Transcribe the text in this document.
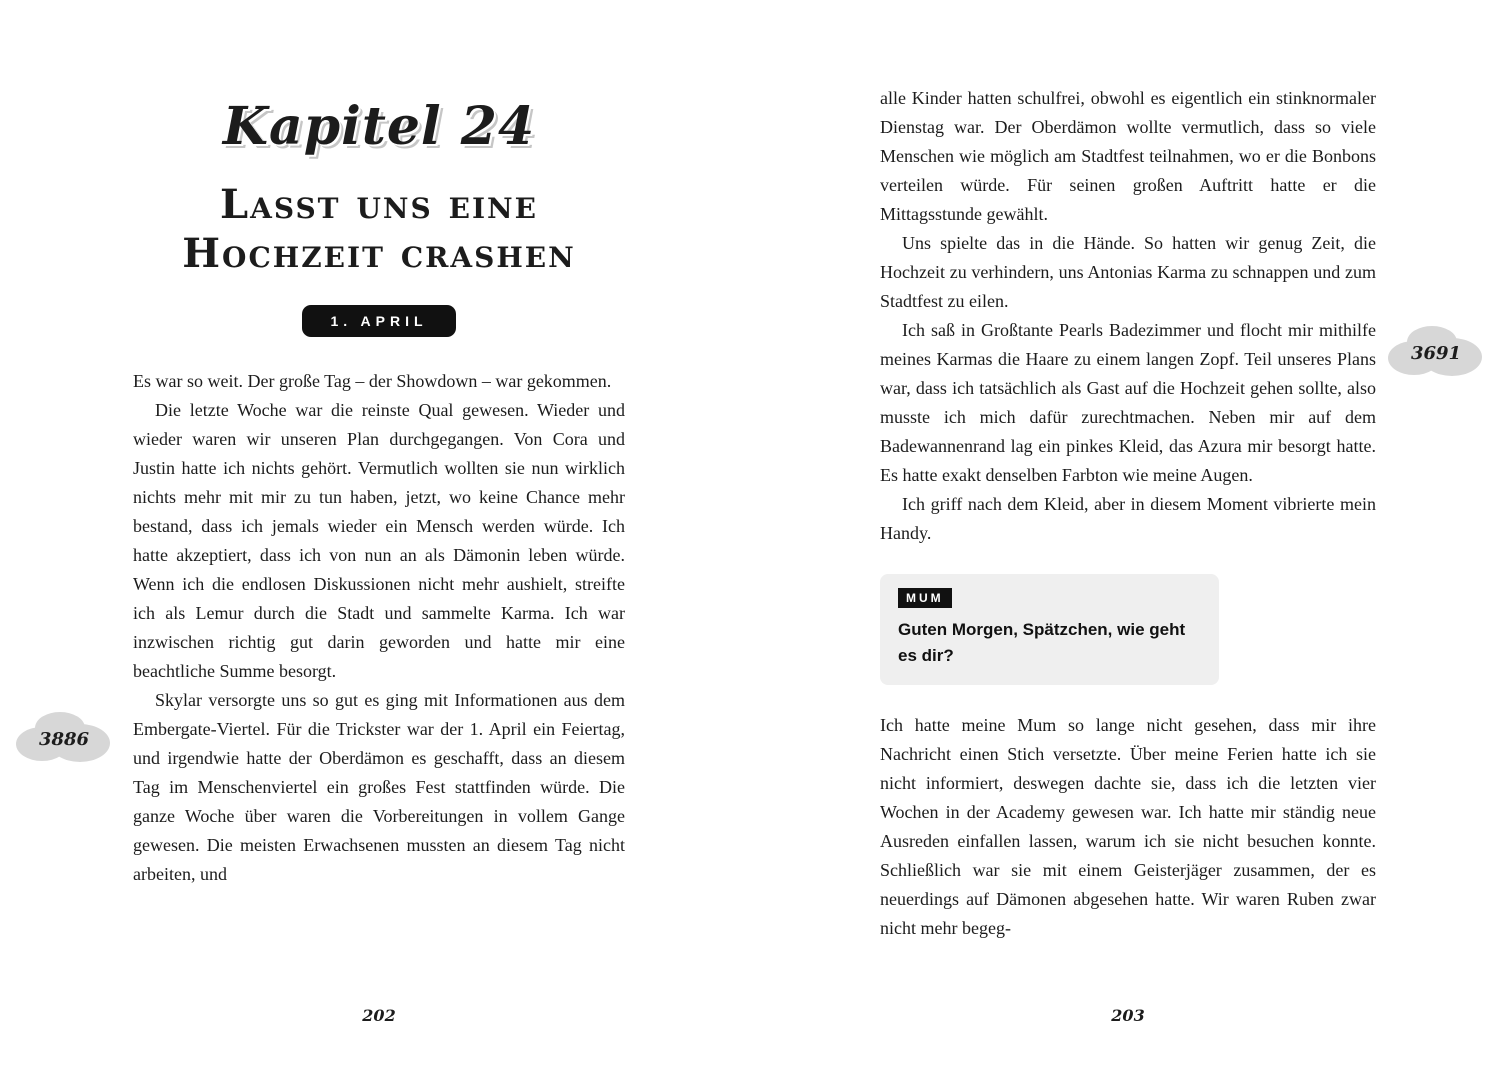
Kapitel 24
Lasst uns eine
Hochzeit crashen
1. APRIL

Es war so weit. Der große Tag – der Showdown – war gekommen.

Die letzte Woche war die reinste Qual gewesen. Wieder und wieder waren wir unseren Plan durchgegangen. Von Cora und Justin hatte ich nichts gehört. Vermutlich wollten sie nun wirklich nichts mehr mit mir zu tun haben, jetzt, wo keine Chance mehr bestand, dass ich jemals wieder ein Mensch werden würde. Ich hatte akzeptiert, dass ich von nun an als Dämonin leben würde. Wenn ich die endlosen Diskussionen nicht mehr aushielt, streifte ich als Lemur durch die Stadt und sammelte Karma. Ich war inzwischen richtig gut darin geworden und hatte mir eine beachtliche Summe besorgt.

Skylar versorgte uns so gut es ging mit Informationen aus dem Embergate-Viertel. Für die Trickster war der 1. April ein Feiertag, und irgendwie hatte der Oberdämon es geschafft, dass an diesem Tag im Menschenviertel ein großes Fest stattfinden würde. Die ganze Woche über waren die Vorbereitungen in vollem Gange gewesen. Die meisten Erwachsenen mussten an diesem Tag nicht arbeiten, und

alle Kinder hatten schulfrei, obwohl es eigentlich ein stinknormaler Dienstag war. Der Oberdämon wollte vermutlich, dass so viele Menschen wie möglich am Stadtfest teilnahmen, wo er die Bonbons verteilen würde. Für seinen großen Auftritt hatte er die Mittagsstunde gewählt.

Uns spielte das in die Hände. So hatten wir genug Zeit, die Hochzeit zu verhindern, uns Antonias Karma zu schnappen und zum Stadtfest zu eilen.

Ich saß in Großtante Pearls Badezimmer und flocht mir mithilfe meines Karmas die Haare zu einem langen Zopf. Teil unseres Plans war, dass ich tatsächlich als Gast auf die Hochzeit gehen sollte, also musste ich mich dafür zurechtmachen. Neben mir auf dem Badewannenrand lag ein pinkes Kleid, das Azura mir besorgt hatte. Es hatte exakt denselben Farbton wie meine Augen.

Ich griff nach dem Kleid, aber in diesem Moment vibrierte mein Handy.

MUM
Guten Morgen, Spätzchen, wie geht es dir?

Ich hatte meine Mum so lange nicht gesehen, dass mir ihre Nachricht einen Stich versetzte. Über meine Ferien hatte ich sie nicht informiert, deswegen dachte sie, dass ich die letzten vier Wochen in der Academy gewesen war. Ich hatte mir ständig neue Ausreden einfallen lassen, warum ich sie nicht besuchen konnte. Schließlich war sie mit einem Geisterjäger zusammen, der es neuerdings auf Dämonen abgesehen hatte. Wir waren Ruben zwar nicht mehr begeg-

202	203
3886
3691
